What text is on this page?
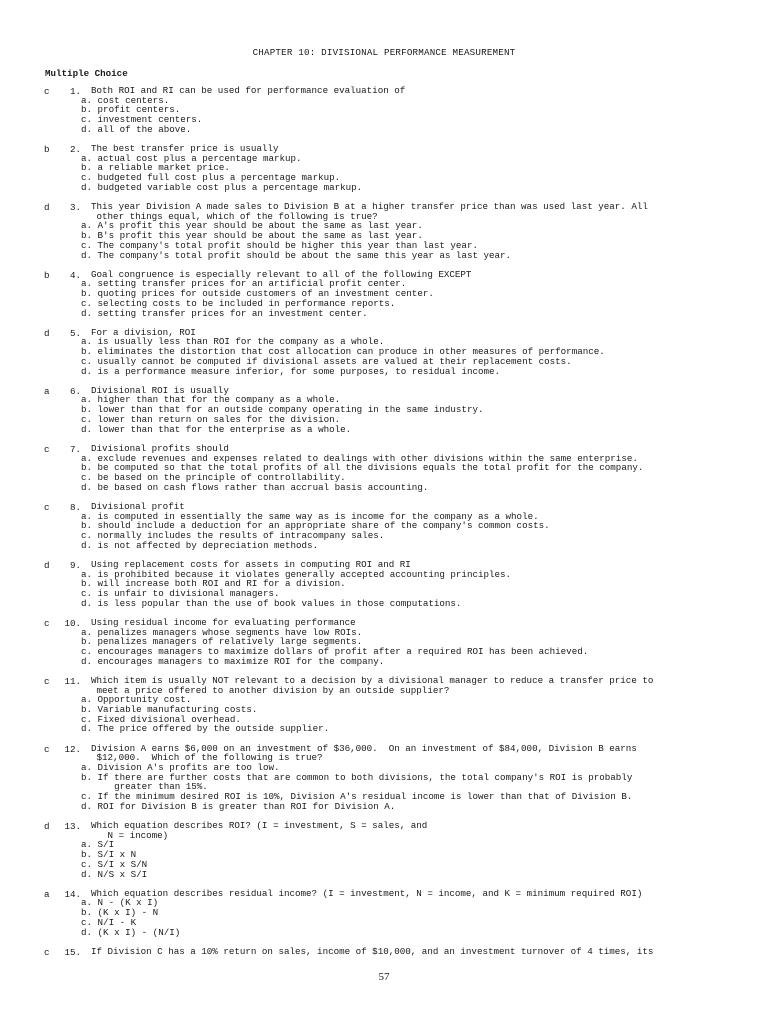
CHAPTER 10: DIVISIONAL PERFORMANCE MEASUREMENT
Multiple Choice
c	1. Both ROI and RI can be used for performance evaluation of
a. cost centers.
b. profit centers.
c. investment centers.
d. all of the above.
b	2. The best transfer price is usually
a. actual cost plus a percentage markup.
b. a reliable market price.
c. budgeted full cost plus a percentage markup.
d. budgeted variable cost plus a percentage markup.
d	3. This year Division A made sales to Division B at a higher transfer price than was used last year. All
other things equal, which of the following is true?
a. A's profit this year should be about the same as last year.
b. B's profit this year should be about the same as last year.
c. The company's total profit should be higher this year than last year.
d. The company's total profit should be about the same this year as last year.
b	4. Goal congruence is especially relevant to all of the following EXCEPT
a. setting transfer prices for an artificial profit center.
b. quoting prices for outside customers of an investment center.
c. selecting costs to be included in performance reports.
d. setting transfer prices for an investment center.
d	5. For a division, ROI
a. is usually less than ROI for the company as a whole.
b. eliminates the distortion that cost allocation can produce in other measures of performance.
c. usually cannot be computed if divisional assets are valued at their replacement costs.
d. is a performance measure inferior, for some purposes, to residual income.
a	6. Divisional ROI is usually
a. higher than that for the company as a whole.
b. lower than that for an outside company operating in the same industry.
c. lower than return on sales for the division.
d. lower than that for the enterprise as a whole.
c	7. Divisional profits should
a. exclude revenues and expenses related to dealings with other divisions within the same enterprise.
b. be computed so that the total profits of all the divisions equals the total profit for the company.
c. be based on the principle of controllability.
d. be based on cash flows rather than accrual basis accounting.
c	8. Divisional profit
a. is computed in essentially the same way as is income for the company as a whole.
b. should include a deduction for an appropriate share of the company's common costs.
c. normally includes the results of intracompany sales.
d. is not affected by depreciation methods.
d	9. Using replacement costs for assets in computing ROI and RI
a. is prohibited because it violates generally accepted accounting principles.
b. will increase both ROI and RI for a division.
c. is unfair to divisional managers.
d. is less popular than the use of book values in those computations.
c	10. Using residual income for evaluating performance
a. penalizes managers whose segments have low ROIs.
b. penalizes managers of relatively large segments.
c. encourages managers to maximize dollars of profit after a required ROI has been achieved.
d. encourages managers to maximize ROI for the company.
c	11. Which item is usually NOT relevant to a decision by a divisional manager to reduce a transfer price to
meet a price offered to another division by an outside supplier?
a. Opportunity cost.
b. Variable manufacturing costs.
c. Fixed divisional overhead.
d. The price offered by the outside supplier.
c	12. Division A earns $6,000 on an investment of $36,000.  On an investment of $84,000, Division B earns
$12,000.  Which of the following is true?
a. Division A's profits are too low.
b. If there are further costs that are common to both divisions, the total company's ROI is probably
greater than 15%.
c. If the minimum desired ROI is 10%, Division A's residual income is lower than that of Division B.
d. ROI for Division B is greater than ROI for Division A.
d	13. Which equation describes ROI? (I = investment, S = sales, and
N = income)
a. S/I
b. S/I x N
c. S/I x S/N
d. N/S x S/I
a	14. Which equation describes residual income? (I = investment, N = income, and K = minimum required ROI)
a. N - (K x I)
b. (K x I) - N
c. N/I - K
d. (K x I) - (N/I)
c	15. If Division C has a 10% return on sales, income of $10,000, and an investment turnover of 4 times, its
57
